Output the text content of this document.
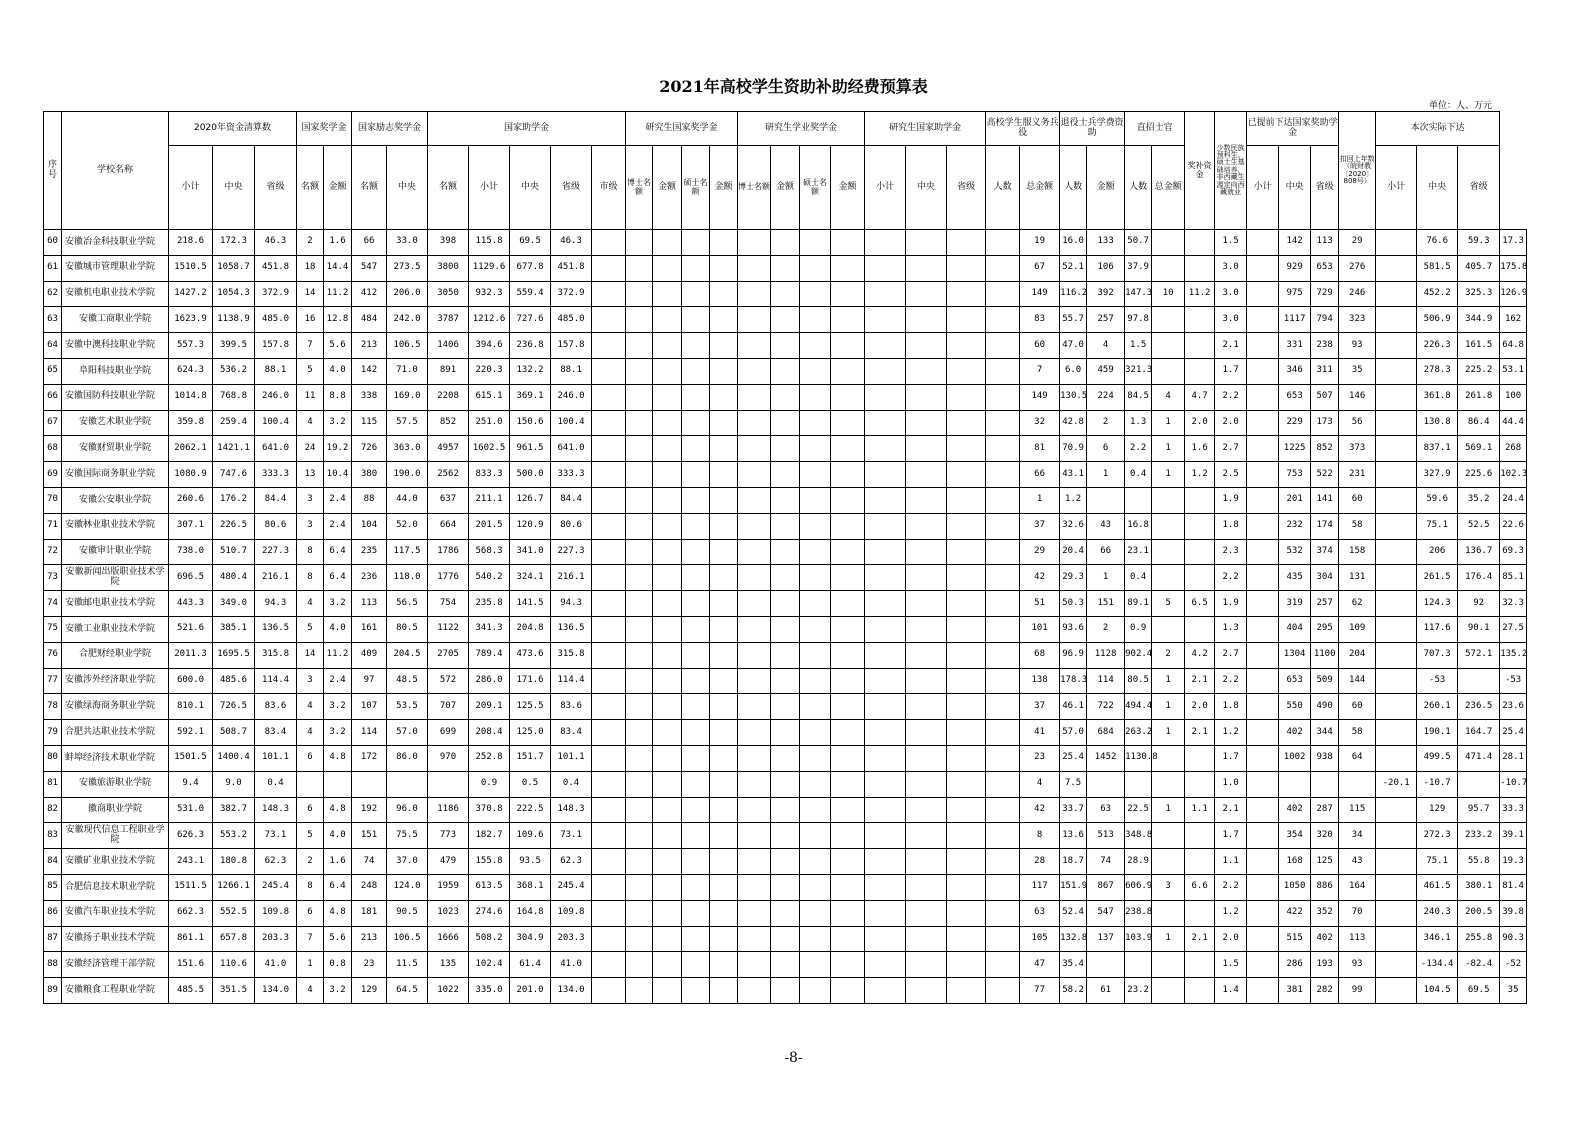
2021年高校学生资助补助经费预算表
单位：人、万元
序
号	学校名称	2020年资金清算数			国家奖学金		国家励志奖学金		国家助学金					研究生国家奖学金				研究生学业奖学金				研究生国家助学金			高校学生服义务兵役		退役士兵学费资助		直招士官		奖补资金	少数民族预科生、硕士生基础培养，非西藏生源定向西藏就业	已提前下达国家奖助学金			扣回上年数（皖财教〔2020〕808号）	本次实际下达			
		小计	中央	省级	名额	金额	名额	中央	名额	小计	中央	省级	市级	博士名额	金额	硕士名额	金额	博士名额	金额	硕士名额	金额	小计	中央	省级	人数	总金额	人数	金额	人数	总金额			小计	中央	省级		小计	中央	省级	
60	安徽冶金科技职业学院	218.6	172.3	46.3	2	1.6	66	33.0	398	115.8	69.5	46.3														19	16.0	133	50.7			1.5		142	113	29		76.6	59.3	17.3
61	安徽城市管理职业学院	1510.5	1058.7	451.8	18	14.4	547	273.5	3800	1129.6	677.8	451.8														67	52.1	106	37.9			3.0		929	653	276		581.5	405.7	175.8
62	安徽机电职业技术学院	1427.2	1054.3	372.9	14	11.2	412	206.0	3050	932.3	559.4	372.9														149	116.2	392	147.3	10	11.2	3.0		975	729	246		452.2	325.3	126.9
63	安徽工商职业学院	1623.9	1138.9	485.0	16	12.8	484	242.0	3787	1212.6	727.6	485.0														83	55.7	257	97.8			3.0		1117	794	323		506.9	344.9	162
64	安徽中澳科技职业学院	557.3	399.5	157.8	7	5.6	213	106.5	1406	394.6	236.8	157.8														60	47.0	4	1.5			2.1		331	238	93		226.3	161.5	64.8
65	阜阳科技职业学院	624.3	536.2	88.1	5	4.0	142	71.0	891	220.3	132.2	88.1														7	6.0	459	321.3			1.7		346	311	35		278.3	225.2	53.1
66	安徽国防科技职业学院	1014.8	768.8	246.0	11	8.8	338	169.0	2208	615.1	369.1	246.0														149	130.5	224	84.5	4	4.7	2.2		653	507	146		361.8	261.8	100
67	安徽艺术职业学院	359.8	259.4	100.4	4	3.2	115	57.5	852	251.0	150.6	100.4														32	42.8	2	1.3	1	2.0	2.0		229	173	56		130.8	86.4	44.4
68	安徽财贸职业学院	2062.1	1421.1	641.0	24	19.2	726	363.0	4957	1602.5	961.5	641.0														81	70.9	6	2.2	1	1.6	2.7		1225	852	373		837.1	569.1	268
69	安徽国际商务职业学院	1080.9	747.6	333.3	13	10.4	380	190.0	2562	833.3	500.0	333.3														66	43.1	1	0.4	1	1.2	2.5		753	522	231		327.9	225.6	102.3
70	安徽公安职业学院	260.6	176.2	84.4	3	2.4	88	44.0	637	211.1	126.7	84.4														1	1.2					1.9		201	141	60		59.6	35.2	24.4
71	安徽林业职业技术学院	307.1	226.5	80.6	3	2.4	104	52.0	664	201.5	120.9	80.6														37	32.6	43	16.8			1.8		232	174	58		75.1	52.5	22.6
72	安徽审计职业学院	738.0	510.7	227.3	8	6.4	235	117.5	1786	568.3	341.0	227.3														29	20.4	66	23.1			2.3		532	374	158		206	136.7	69.3
73	安徽新闻出版职业技术学院	696.5	480.4	216.1	8	6.4	236	118.0	1776	540.2	324.1	216.1														42	29.3	1	0.4			2.2		435	304	131		261.5	176.4	85.1
74	安徽邮电职业技术学院	443.3	349.0	94.3	4	3.2	113	56.5	754	235.8	141.5	94.3														51	50.3	151	89.1	5	6.5	1.9		319	257	62		124.3	92	32.3
75	安徽工业职业技术学院	521.6	385.1	136.5	5	4.0	161	80.5	1122	341.3	204.8	136.5														101	93.6	2	0.9			1.3		404	295	109		117.6	90.1	27.5
76	合肥财经职业学院	2011.3	1695.5	315.8	14	11.2	409	204.5	2705	789.4	473.6	315.8														68	96.9	1128	902.4	2	4.2	2.7		1304	1100	204		707.3	572.1	135.2
77	安徽涉外经济职业学院	600.0	485.6	114.4	3	2.4	97	48.5	572	286.0	171.6	114.4														138	178.3	114	80.5	1	2.1	2.2		653	509	144		-53		-53
78	安徽绿海商务职业学院	810.1	726.5	83.6	4	3.2	107	53.5	707	209.1	125.5	83.6														37	46.1	722	494.4	1	2.0	1.8		550	490	60		260.1	236.5	23.6
79	合肥共达职业技术学院	592.1	508.7	83.4	4	3.2	114	57.0	699	208.4	125.0	83.4														41	57.0	684	263.2	1	2.1	1.2		402	344	58		190.1	164.7	25.4
80	蚌埠经济技术职业学院	1501.5	1400.4	101.1	6	4.8	172	86.0	970	252.8	151.7	101.1														23	25.4	1452	1130.8			1.7		1002	938	64		499.5	471.4	28.1
81	安徽旅游职业学院	9.4	9.0	0.4						0.9	0.5	0.4														4	7.5					1.0					-20.1	-10.7		-10.7
82	徽商职业学院	531.0	382.7	148.3	6	4.8	192	96.0	1186	370.8	222.5	148.3														42	33.7	63	22.5	1	1.1	2.1		402	287	115		129	95.7	33.3
83	安徽现代信息工程职业学院	626.3	553.2	73.1	5	4.0	151	75.5	773	182.7	109.6	73.1														8	13.6	513	348.8			1.7		354	320	34		272.3	233.2	39.1
84	安徽矿业职业技术学院	243.1	180.8	62.3	2	1.6	74	37.0	479	155.8	93.5	62.3														28	18.7	74	28.9			1.1		168	125	43		75.1	55.8	19.3
85	合肥信息技术职业学院	1511.5	1266.1	245.4	8	6.4	248	124.0	1959	613.5	368.1	245.4														117	151.9	867	606.9	3	6.6	2.2		1050	886	164		461.5	380.1	81.4
86	安徽汽车职业技术学院	662.3	552.5	109.8	6	4.8	181	90.5	1023	274.6	164.8	109.8														63	52.4	547	238.8			1.2		422	352	70		240.3	200.5	39.8
87	安徽扬子职业技术学院	861.1	657.8	203.3	7	5.6	213	106.5	1666	508.2	304.9	203.3														105	132.8	137	103.9	1	2.1	2.0		515	402	113		346.1	255.8	90.3
88	安徽经济管理干部学院	151.6	110.6	41.0	1	0.8	23	11.5	135	102.4	61.4	41.0														47	35.4					1.5		286	193	93		-134.4	-82.4	-52
89	安徽粮食工程职业学院	485.5	351.5	134.0	4	3.2	129	64.5	1022	335.0	201.0	134.0														77	58.2	61	23.2			1.4		381	282	99		104.5	69.5	35
-8-
